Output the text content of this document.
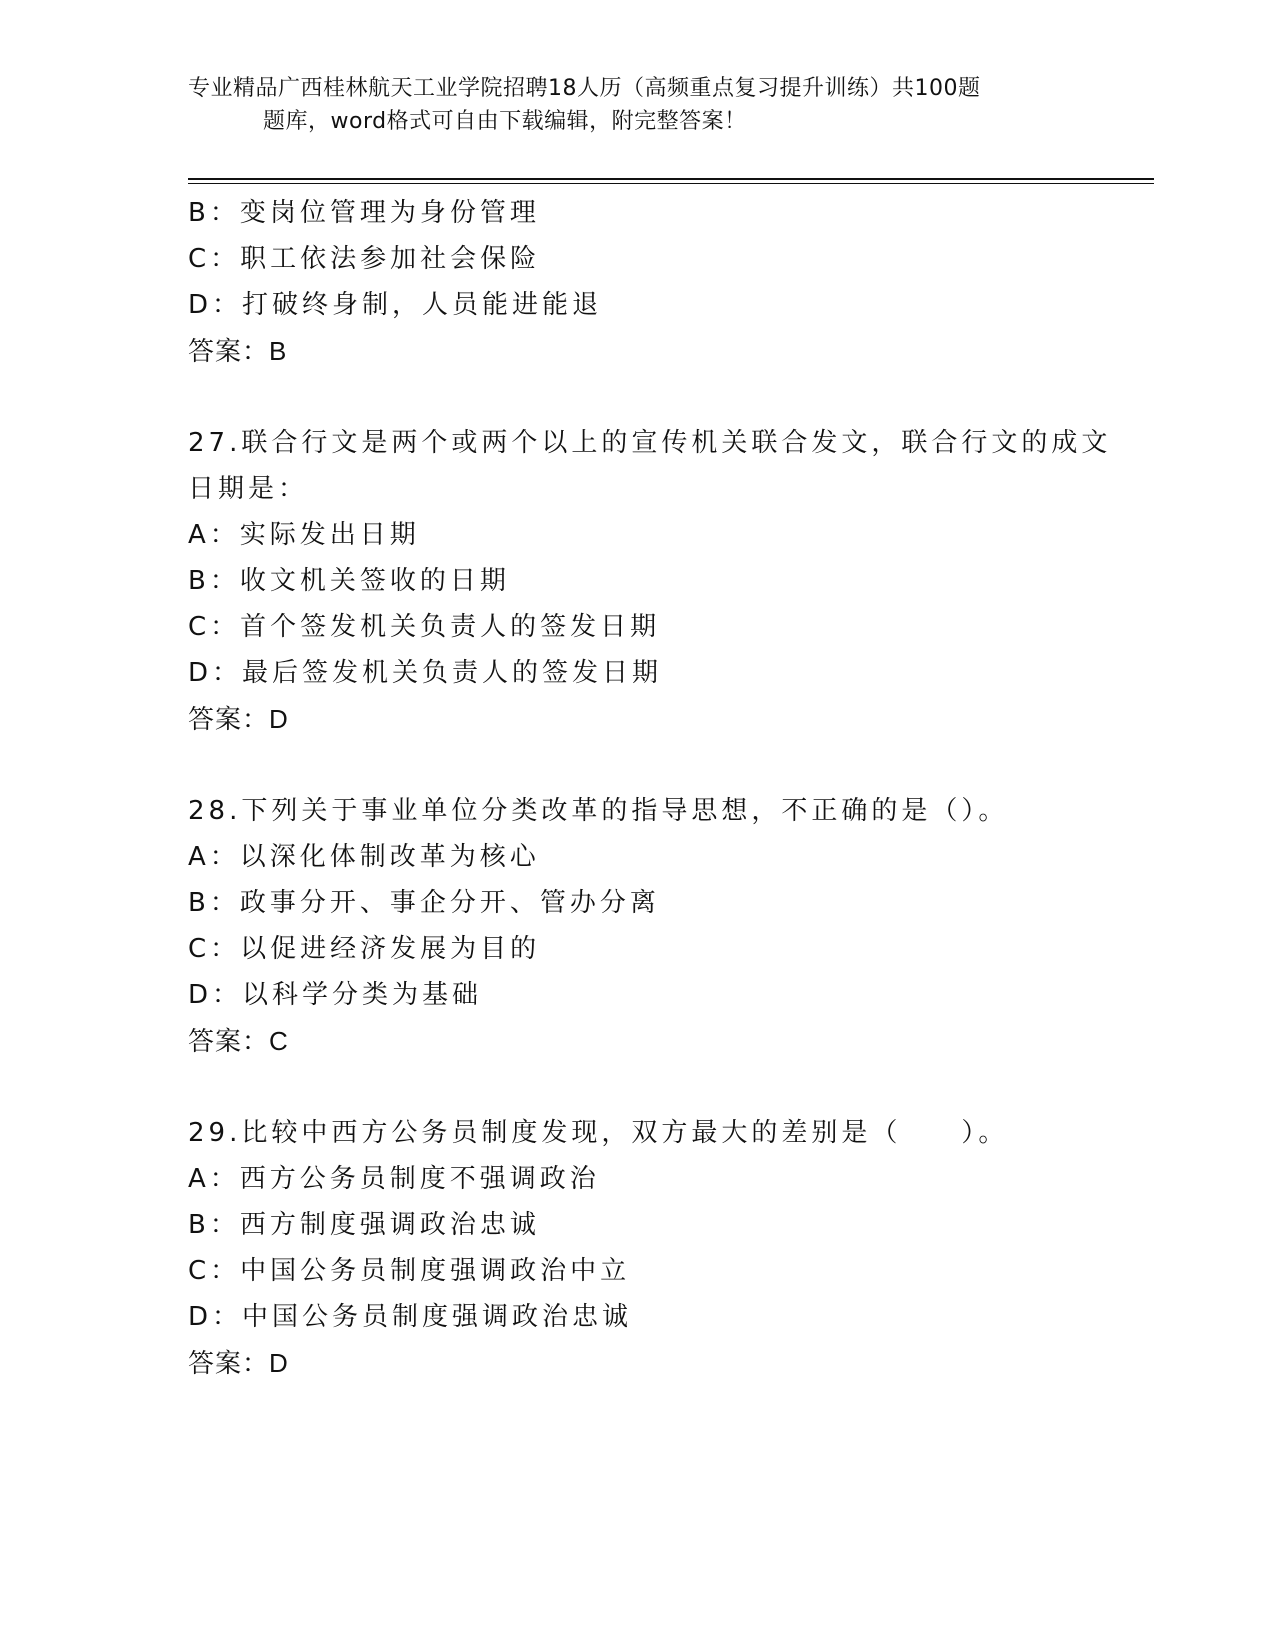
专业精品广西桂林航天工业学院招聘18人历（高频重点复习提升训练）共100题
题库，word格式可自由下载编辑，附完整答案！
B：变岗位管理为身份管理
C：职工依法参加社会保险
D：打破终身制，人员能进能退
答案：B
27.联合行文是两个或两个以上的宣传机关联合发文，联合行文的成文
日期是：
A：实际发出日期
B：收文机关签收的日期
C：首个签发机关负责人的签发日期
D：最后签发机关负责人的签发日期
答案：D
28.下列关于事业单位分类改革的指导思想，不正确的是（）。
A：以深化体制改革为核心
B：政事分开、事企分开、管办分离
C：以促进经济发展为目的
D：以科学分类为基础
答案：C
29.比较中西方公务员制度发现，双方最大的差别是（　　）。
A：西方公务员制度不强调政治
B：西方制度强调政治忠诚
C：中国公务员制度强调政治中立
D：中国公务员制度强调政治忠诚
答案：D
